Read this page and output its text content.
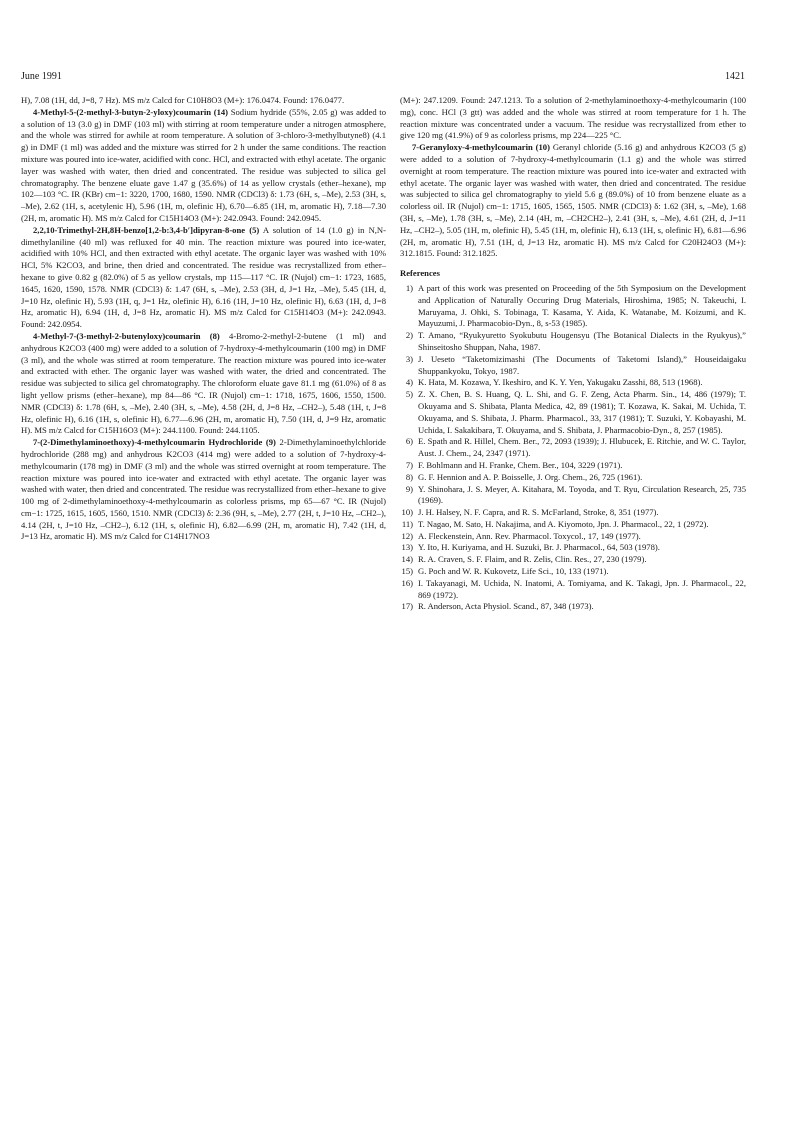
June 1991	1421

H), 7.08 (1H, dd, J=8, 7 Hz). MS m/z Calcd for C10H8O3 (M+): 176.0474. Found: 176.0477.

4-Methyl-5-(2-methyl-3-butyn-2-yloxy)coumarin (14) Sodium hydride (55%, 2.05 g) was added to a solution of 13 (3.0 g) in DMF (103 ml) with stirring at room temperature under a nitrogen atmosphere, and the whole was stirred for awhile at room temperature. A solution of 3-chloro-3-methylbutyne8) (4.1 g) in DMF (1 ml) was added and the mixture was stirred for 2 h under the same conditions. The reaction mixture was poured into ice-water, acidified with conc. HCl, and extracted with ethyl acetate. The organic layer was washed with water, then dried and concentrated. The residue was subjected to silica gel chromatography. The benzene eluate gave 1.47 g (35.6%) of 14 as yellow crystals (ether–hexane), mp 102—103 °C. IR (KBr) cm−1: 3220, 1700, 1680, 1590. NMR (CDCl3) δ: 1.73 (6H, s, –Me), 2.53 (3H, s, –Me), 2.62 (1H, s, acetylenic H), 5.96 (1H, m, olefinic H), 6.70—6.85 (1H, m, aromatic H), 7.18—7.30 (2H, m, aromatic H). MS m/z Calcd for C15H14O3 (M+): 242.0943. Found: 242.0945.

2,2,10-Trimethyl-2H,8H-benzo[1,2-b:3,4-b′]dipyran-8-one (5) A solution of 14 (1.0 g) in N,N-dimethylaniline (40 ml) was refluxed for 40 min. The reaction mixture was poured into ice-water, acidified with 10% HCl, and then extracted with ethyl acetate. The organic layer was washed with 10% HCl, 5% K2CO3, and brine, then dried and concentrated. The residue was recrystallized from ether–hexane to give 0.82 g (82.0%) of 5 as yellow crystals, mp 115—117 °C. IR (Nujol) cm−1: 1723, 1685, 1645, 1620, 1590, 1578. NMR (CDCl3) δ: 1.47 (6H, s, –Me), 2.53 (3H, d, J=1 Hz, –Me), 5.45 (1H, d, J=10 Hz, olefinic H), 5.93 (1H, q, J=1 Hz, olefinic H), 6.16 (1H, J=10 Hz, olefinic H), 6.63 (1H, d, J=8 Hz, aromatic H), 6.94 (1H, d, J=8 Hz, aromatic H). MS m/z Calcd for C15H14O3 (M+): 242.0943. Found: 242.0954.

4-Methyl-7-(3-methyl-2-butenyloxy)coumarin (8) 4-Bromo-2-methyl-2-butene (1 ml) and anhydrous K2CO3 (400 mg) were added to a solution of 7-hydroxy-4-methylcoumarin (100 mg) in DMF (3 ml), and the whole was stirred at room temperature. The reaction mixture was poured into ice-water and extracted with ether. The organic layer was washed with water, the dried and concentrated. The residue was subjected to silica gel chromatography. The chloroform eluate gave 81.1 mg (61.0%) of 8 as light yellow prisms (ether–hexane), mp 84—86 °C. IR (Nujol) cm−1: 1718, 1675, 1606, 1550, 1500. NMR (CDCl3) δ: 1.78 (6H, s, –Me), 2.40 (3H, s, –Me), 4.58 (2H, d, J=8 Hz, –CH2–), 5.48 (1H, t, J=8 Hz, olefinic H), 6.16 (1H, s, olefinic H), 6.77—6.96 (2H, m, aromatic H), 7.50 (1H, d, J=9 Hz, aromatic H). MS m/z Calcd for C15H16O3 (M+): 244.1100. Found: 244.1105.

7-(2-Dimethylaminoethoxy)-4-methylcoumarin Hydrochloride (9) 2-Dimethylaminoethylchloride hydrochloride (288 mg) and anhydrous K2CO3 (414 mg) were added to a solution of 7-hydroxy-4-methylcoumarin (178 mg) in DMF (3 ml) and the whole was stirred overnight at room temperature. The reaction mixture was poured into ice-water and extracted with ethyl acetate. The organic layer was washed with water, then dried and concentrated. The residue was recrystallized from ether–hexane to give 100 mg of 2-dimethylaminoethoxy-4-methylcoumarin as colorless prisms, mp 65—67 °C. IR (Nujol) cm−1: 1725, 1615, 1605, 1560, 1510. NMR (CDCl3) δ: 2.36 (9H, s, –Me), 2.77 (2H, t, J=10 Hz, –CH2–), 4.14 (2H, t, J=10 Hz, –CH2–), 6.12 (1H, s, olefinic H), 6.82—6.99 (2H, m, aromatic H), 7.42 (1H, d, J=13 Hz, aromatic H). MS m/z Calcd for C14H17NO3

(M+): 247.1209. Found: 247.1213. To a solution of 2-methylaminoethoxy-4-methylcoumarin (100 mg), conc. HCl (3 gtt) was added and the whole was stirred at room temperature for 1 h. The reaction mixture was concentrated under a vacuum. The residue was recrystallized from ether to give 120 mg (41.9%) of 9 as colorless prisms, mp 224—225 °C.

7-Geranyloxy-4-methylcoumarin (10) Geranyl chloride (5.16 g) and anhydrous K2CO3 (5 g) were added to a solution of 7-hydroxy-4-methylcoumarin (1.1 g) and the whole was stirred overnight at room temperature. The reaction mixture was poured into ice-water and extracted with ethyl acetate. The organic layer was washed with water, then dried and concentrated. The residue was subjected to silica gel chromatography to yield 5.6 g (89.0%) of 10 from benzene eluate as a colorless oil. IR (Nujol) cm−1: 1715, 1605, 1565, 1505. NMR (CDCl3) δ: 1.62 (3H, s, –Me), 1.68 (3H, s, –Me), 1.78 (3H, s, –Me), 2.14 (4H, m, –CH2CH2–), 2.41 (3H, s, –Me), 4.61 (2H, d, J=11 Hz, –CH2–), 5.05 (1H, m, olefinic H), 5.45 (1H, m, olefinic H), 6.13 (1H, s, olefinic H), 6.81—6.96 (2H, m, aromatic H), 7.51 (1H, d, J=13 Hz, aromatic H). MS m/z Calcd for C20H24O3 (M+): 312.1815. Found: 312.1825.

References
1) A part of this work was presented on Proceeding of the 5th Symposium on the Development and Application of Naturally Occuring Drug Materials, Hiroshima, 1985; N. Takeuchi, I. Maruyama, J. Ohki, S. Tobinaga, T. Kasama, Y. Aida, K. Watanabe, M. Koizumi, and K. Mayuzumi, J. Pharmacobio-Dyn., 8, s-53 (1985).
2) T. Amano, “Ryukyuretto Syokubutu Hougensyu (The Botanical Dialects in the Ryukyus),” Shinseitosho Shuppan, Naha, 1987.
3) J. Ueseto “Taketomizimashi (The Documents of Taketomi Island),” Houseidaigaku Shuppankyoku, Tokyo, 1987.
4) K. Hata, M. Kozawa, Y. Ikeshiro, and K. Y. Yen, Yakugaku Zasshi, 88, 513 (1968).
5) Z. X. Chen, B. S. Huang, Q. L. Shi, and G. F. Zeng, Acta Pharm. Sin., 14, 486 (1979); T. Okuyama and S. Shibata, Planta Medica, 42, 89 (1981); T. Kozawa, K. Sakai, M. Uchida, T. Okuyama, and S. Shibata, J. Pharm. Pharmacol., 33, 317 (1981); T. Suzuki, Y. Kobayashi, M. Uchida, I. Sakakibara, T. Okuyama, and S. Shibata, J. Pharmacobio-Dyn., 8, 257 (1985).
6) E. Spath and R. Hillel, Chem. Ber., 72, 2093 (1939); J. Hlubucek, E. Ritchie, and W. C. Taylor, Aust. J. Chem., 24, 2347 (1971).
7) F. Bohlmann and H. Franke, Chem. Ber., 104, 3229 (1971).
8) G. F. Hennion and A. P. Boisselle, J. Org. Chem., 26, 725 (1961).
9) Y. Shinohara, J. S. Meyer, A. Kitahara, M. Toyoda, and T. Ryu, Circulation Research, 25, 735 (1969).
10) J. H. Halsey, N. F. Capra, and R. S. McFarland, Stroke, 8, 351 (1977).
11) T. Nagao, M. Sato, H. Nakajima, and A. Kiyomoto, Jpn. J. Pharmacol., 22, 1 (2972).
12) A. Fleckenstein, Ann. Rev. Pharmacol. Toxycol., 17, 149 (1977).
13) Y. Ito, H. Kuriyama, and H. Suzuki, Br. J. Pharmacol., 64, 503 (1978).
14) R. A. Craven, S. F. Flaim, and R. Zelis, Clin. Res., 27, 230 (1979).
15) G. Poch and W. R. Kukovetz, Life Sci., 10, 133 (1971).
16) I. Takayanagi, M. Uchida, N. Inatomi, A. Tomiyama, and K. Takagi, Jpn. J. Pharmacol., 22, 869 (1972).
17) R. Anderson, Acta Physiol. Scand., 87, 348 (1973).
